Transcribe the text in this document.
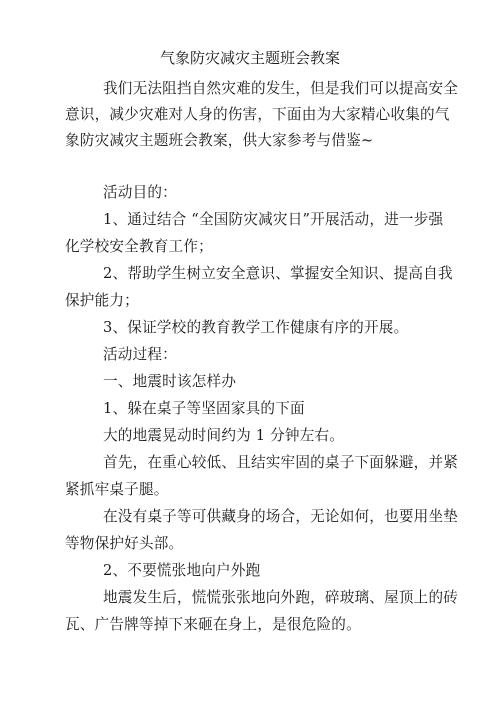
气象防灾减灾主题班会教案
我们无法阻挡自然灾难的发生，但是我们可以提高安全
意识，减少灾难对人身的伤害，下面由为大家精心收集的气
象防灾减灾主题班会教案，供大家参考与借鉴~
活动目的：
1、通过结合 “全国防灾减灾日”开展活动，进一步强
化学校安全教育工作；
2、帮助学生树立安全意识、掌握安全知识、提高自我
保护能力；
3、保证学校的教育教学工作健康有序的开展。
活动过程：
一、地震时该怎样办
1、躲在桌子等坚固家具的下面
大的地震晃动时间约为 1 分钟左右。
首先，在重心较低、且结实牢固的桌子下面躲避，并紧
紧抓牢桌子腿。
在没有桌子等可供藏身的场合，无论如何，也要用坐垫
等物保护好头部。
2、不要慌张地向户外跑
地震发生后，慌慌张张地向外跑，碎玻璃、屋顶上的砖
瓦、广告牌等掉下来砸在身上，是很危险的。
